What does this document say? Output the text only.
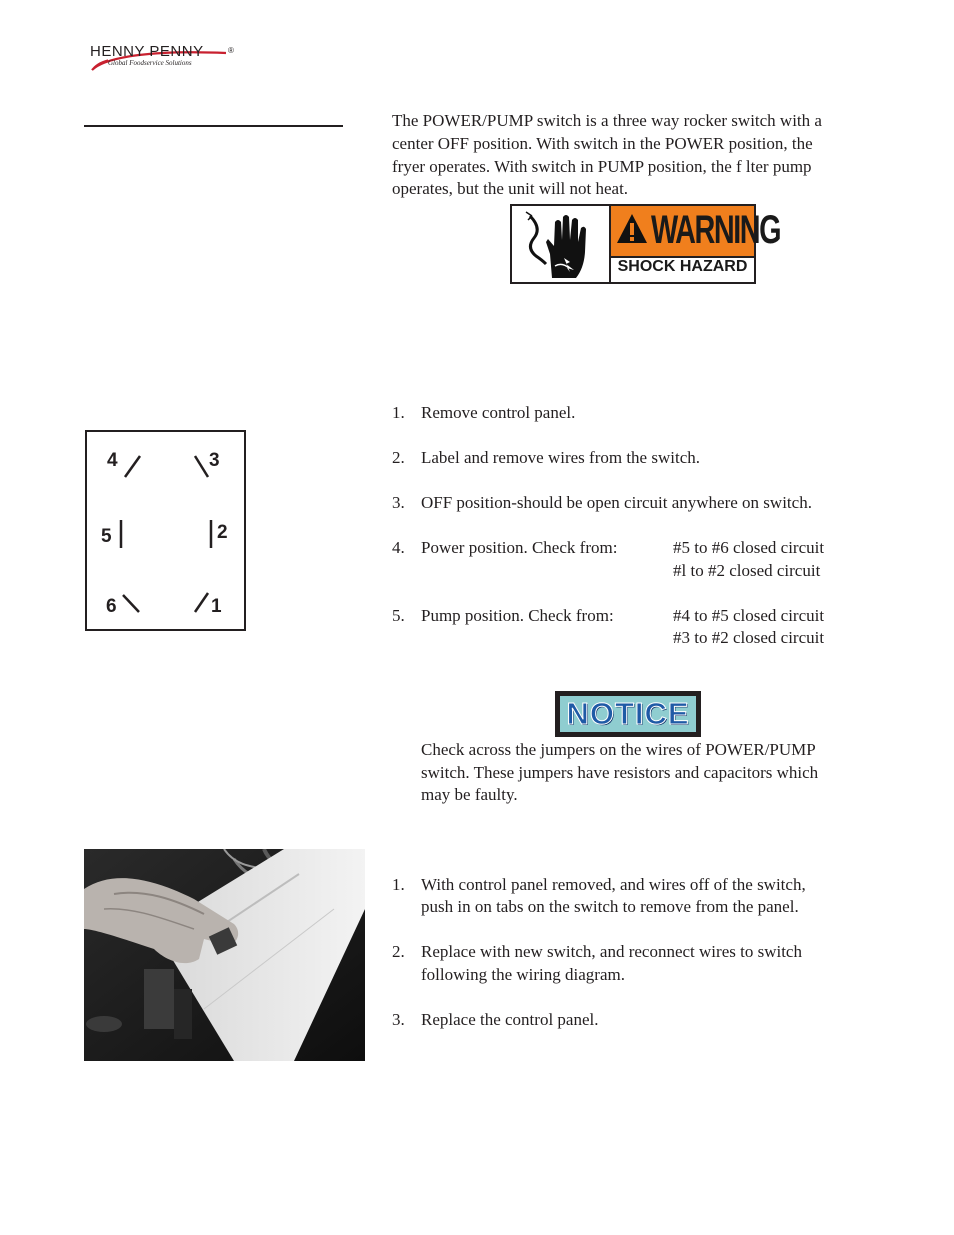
HENNY PENNY	®
Global Foodservice Solutions
The POWER/PUMP switch is a three way rocker switch with a
center OFF position. With switch in the POWER position, the
fryer operates. With switch in PUMP position, the f lter pump
operates, but the unit will not heat.
WARNING
SHOCK HAZARD
4	3
5	2
6	1
1. Remove control panel.
2. Label and remove wires from the switch.
3. OFF position-should be open circuit anywhere on switch.
4. Power position. Check from:	#5 to #6 closed circuit
#l to #2 closed circuit
5. Pump position. Check from:	#4 to #5 closed circuit
#3 to #2 closed circuit
NOTICE
Check across the jumpers on the wires of POWER/PUMP
switch. These jumpers have resistors and capacitors which
may be faulty.
1. With control panel removed, and wires off of the switch,
push in on tabs on the switch to remove from the panel.
2. Replace with new switch, and reconnect wires to switch
following the wiring diagram.
3. Replace the control panel.
